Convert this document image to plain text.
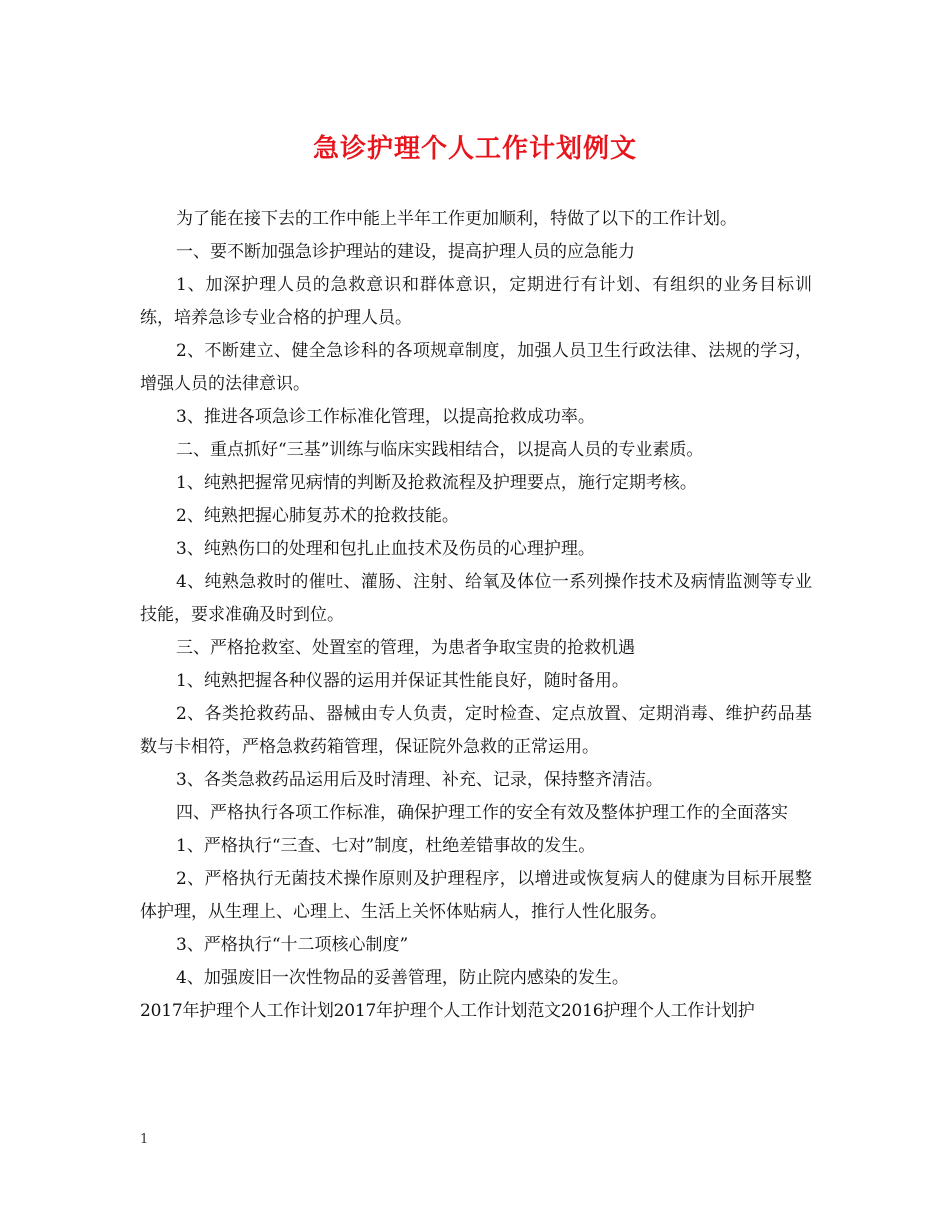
急诊护理个人工作计划例文

为了能在接下去的工作中能上半年工作更加顺利，特做了以下的工作计划。

一、要不断加强急诊护理站的建设，提高护理人员的应急能力

1、加深护理人员的急救意识和群体意识，定期进行有计划、有组织的业务目标训练，培养急诊专业合格的护理人员。

2、不断建立、健全急诊科的各项规章制度，加强人员卫生行政法律、法规的学习，增强人员的法律意识。

3、推进各项急诊工作标准化管理，以提高抢救成功率。

二、重点抓好“三基”训练与临床实践相结合，以提高人员的专业素质。

1、纯熟把握常见病情的判断及抢救流程及护理要点，施行定期考核。

2、纯熟把握心肺复苏术的抢救技能。

3、纯熟伤口的处理和包扎止血技术及伤员的心理护理。

4、纯熟急救时的催吐、灌肠、注射、给氧及体位一系列操作技术及病情监测等专业技能，要求准确及时到位。

三、严格抢救室、处置室的管理，为患者争取宝贵的抢救机遇

1、纯熟把握各种仪器的运用并保证其性能良好，随时备用。

2、各类抢救药品、器械由专人负责，定时检查、定点放置、定期消毒、维护药品基数与卡相符，严格急救药箱管理，保证院外急救的正常运用。

3、各类急救药品运用后及时清理、补充、记录，保持整齐清洁。

四、严格执行各项工作标准，确保护理工作的安全有效及整体护理工作的全面落实

1、严格执行“三查、七对”制度，杜绝差错事故的发生。

2、严格执行无菌技术操作原则及护理程序，以增进或恢复病人的健康为目标开展整体护理，从生理上、心理上、生活上关怀体贴病人，推行人性化服务。

3、严格执行“十二项核心制度”

4、加强废旧一次性物品的妥善管理，防止院内感染的发生。

2017年护理个人工作计划2017年护理个人工作计划范文2016护理个人工作计划护

1
